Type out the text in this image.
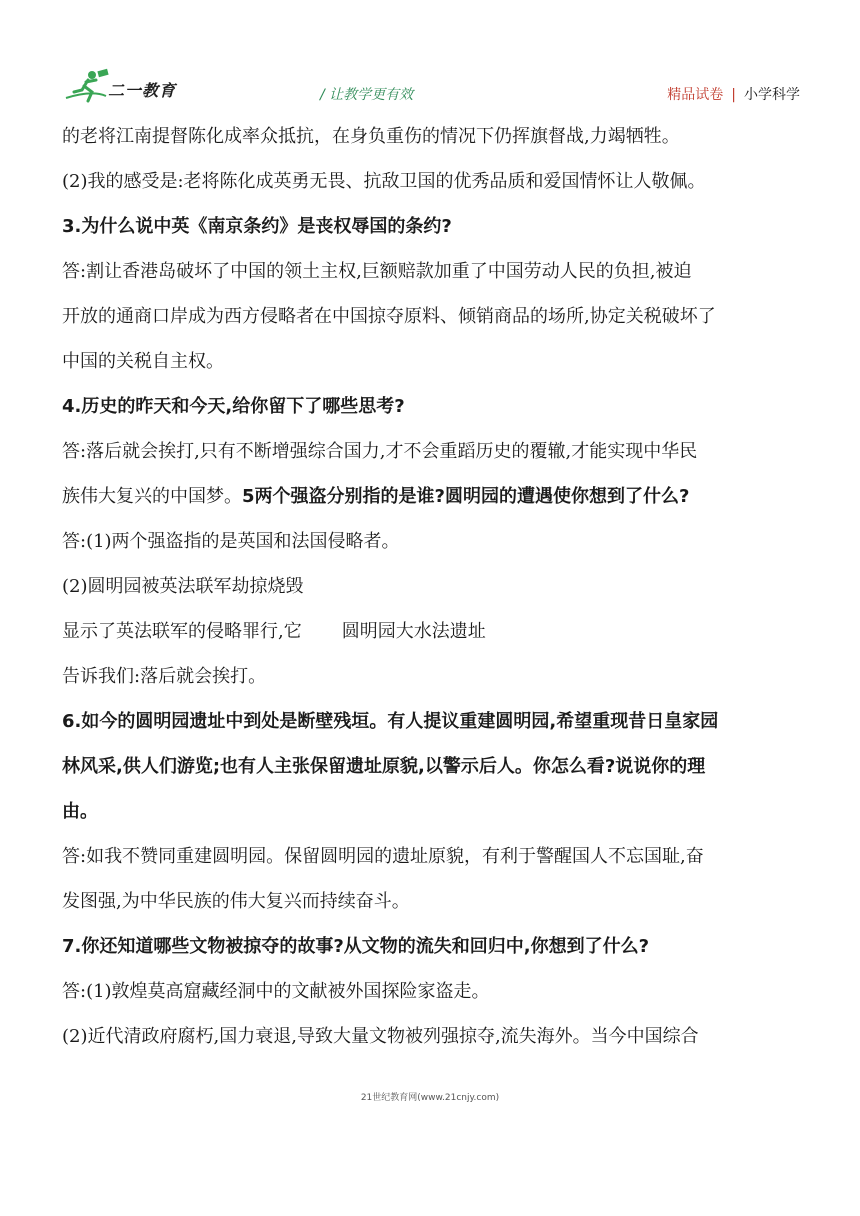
二一教育	/ 让教学更有效	精品试卷 | 小学科学
的老将江南提督陈化成率众抵抗，在身负重伤的情况下仍挥旗督战,力竭牺牲。
(2)我的感受是:老将陈化成英勇无畏、抗敌卫国的优秀品质和爱国情怀让人敬佩。
3.为什么说中英《南京条约》是丧权辱国的条约?
答:割让香港岛破坏了中国的领土主权,巨额赔款加重了中国劳动人民的负担,被迫
开放的通商口岸成为西方侵略者在中国掠夺原料、倾销商品的场所,协定关税破坏了
中国的关税自主权。
4.历史的昨天和今天,给你留下了哪些思考?
答:落后就会挨打,只有不断增强综合国力,才不会重蹈历史的覆辙,才能实现中华民
族伟大复兴的中国梦。5两个强盗分别指的是谁?圆明园的遭遇使你想到了什么?
答:(1)两个强盗指的是英国和法国侵略者。
(2)圆明园被英法联军劫掠烧毁
显示了英法联军的侵略罪行,它 圆明园大水法遗址
告诉我们:落后就会挨打。
6.如今的圆明园遗址中到处是断壁残垣。有人提议重建圆明园,希望重现昔日皇家园
林风采,供人们游览;也有人主张保留遗址原貌,以警示后人。你怎么看?说说你的理
由。
答:如我不赞同重建圆明园。保留圆明园的遗址原貌，有利于警醒国人不忘国耻,奋
发图强,为中华民族的伟大复兴而持续奋斗。
7.你还知道哪些文物被掠夺的故事?从文物的流失和回归中,你想到了什么?
答:(1)敦煌莫高窟藏经洞中的文献被外国探险家盗走。
(2)近代清政府腐朽,国力衰退,导致大量文物被列强掠夺,流失海外。当今中国综合
21世纪教育网(www.21cnjy.com)
